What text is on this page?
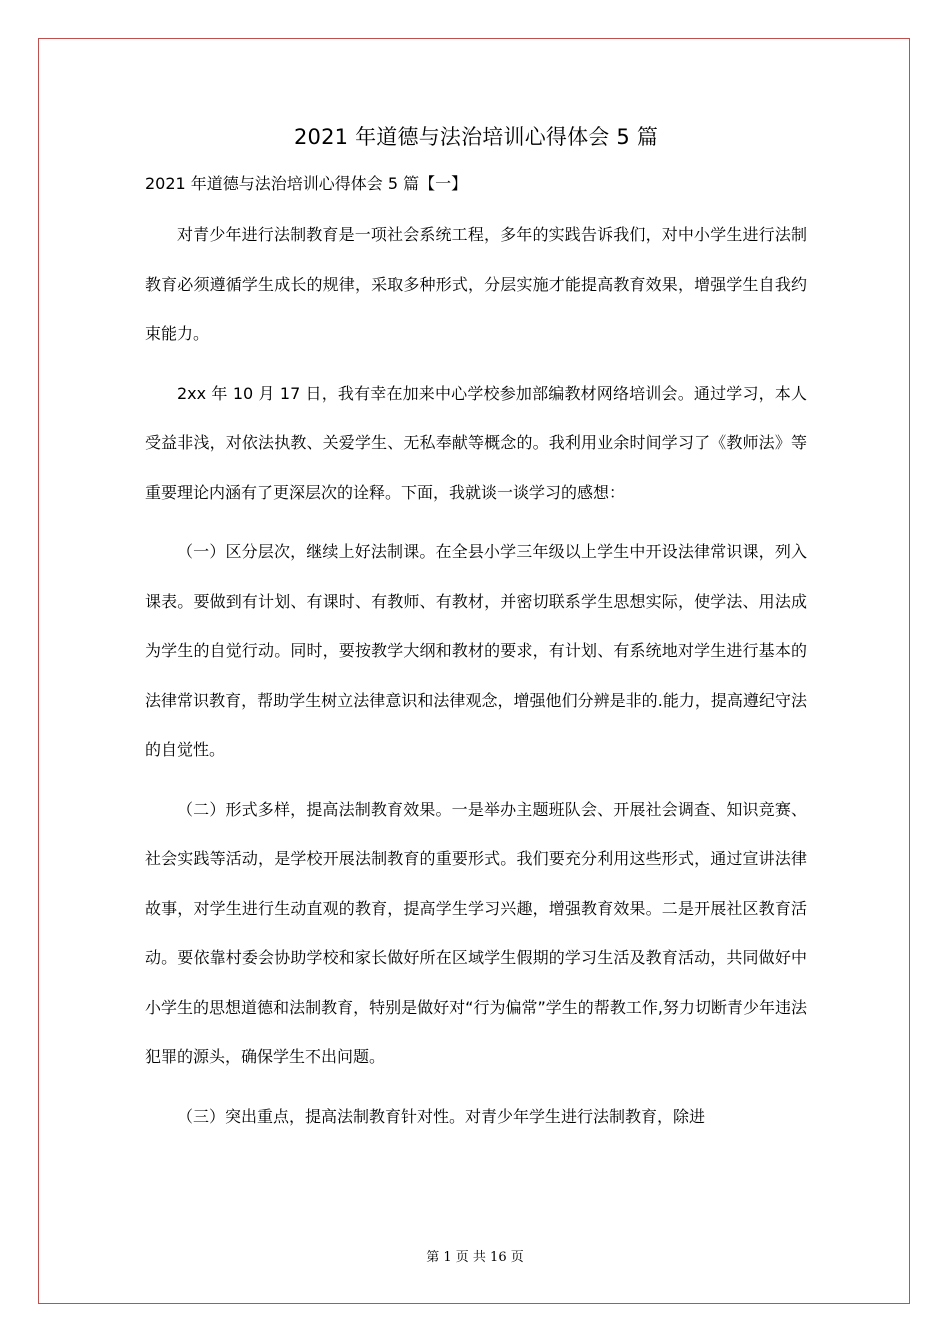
2021 年道德与法治培训心得体会 5 篇

2021 年道德与法治培训心得体会 5 篇【一】

对青少年进行法制教育是一项社会系统工程，多年的实践告诉我们，对中小学生进行法制教育必须遵循学生成长的规律，采取多种形式，分层实施才能提高教育效果，增强学生自我约束能力。

2xx 年 10 月 17 日，我有幸在加来中心学校参加部编教材网络培训会。通过学习，本人受益非浅，对依法执教、关爱学生、无私奉献等概念的。我利用业余时间学习了《教师法》等重要理论内涵有了更深层次的诠释。下面，我就谈一谈学习的感想：

（一）区分层次，继续上好法制课。在全县小学三年级以上学生中开设法律常识课，列入课表。要做到有计划、有课时、有教师、有教材，并密切联系学生思想实际，使学法、用法成为学生的自觉行动。同时，要按教学大纲和教材的要求，有计划、有系统地对学生进行基本的法律常识教育，帮助学生树立法律意识和法律观念，增强他们分辨是非的.能力，提高遵纪守法的自觉性。

（二）形式多样，提高法制教育效果。一是举办主题班队会、开展社会调查、知识竞赛、社会实践等活动，是学校开展法制教育的重要形式。我们要充分利用这些形式，通过宣讲法律故事，对学生进行生动直观的教育，提高学生学习兴趣，增强教育效果。二是开展社区教育活动。要依靠村委会协助学校和家长做好所在区域学生假期的学习生活及教育活动，共同做好中小学生的思想道德和法制教育，特别是做好对“行为偏常”学生的帮教工作,努力切断青少年违法犯罪的源头，确保学生不出问题。

（三）突出重点，提高法制教育针对性。对青少年学生进行法制教育，除进

第 1 页 共 16 页
